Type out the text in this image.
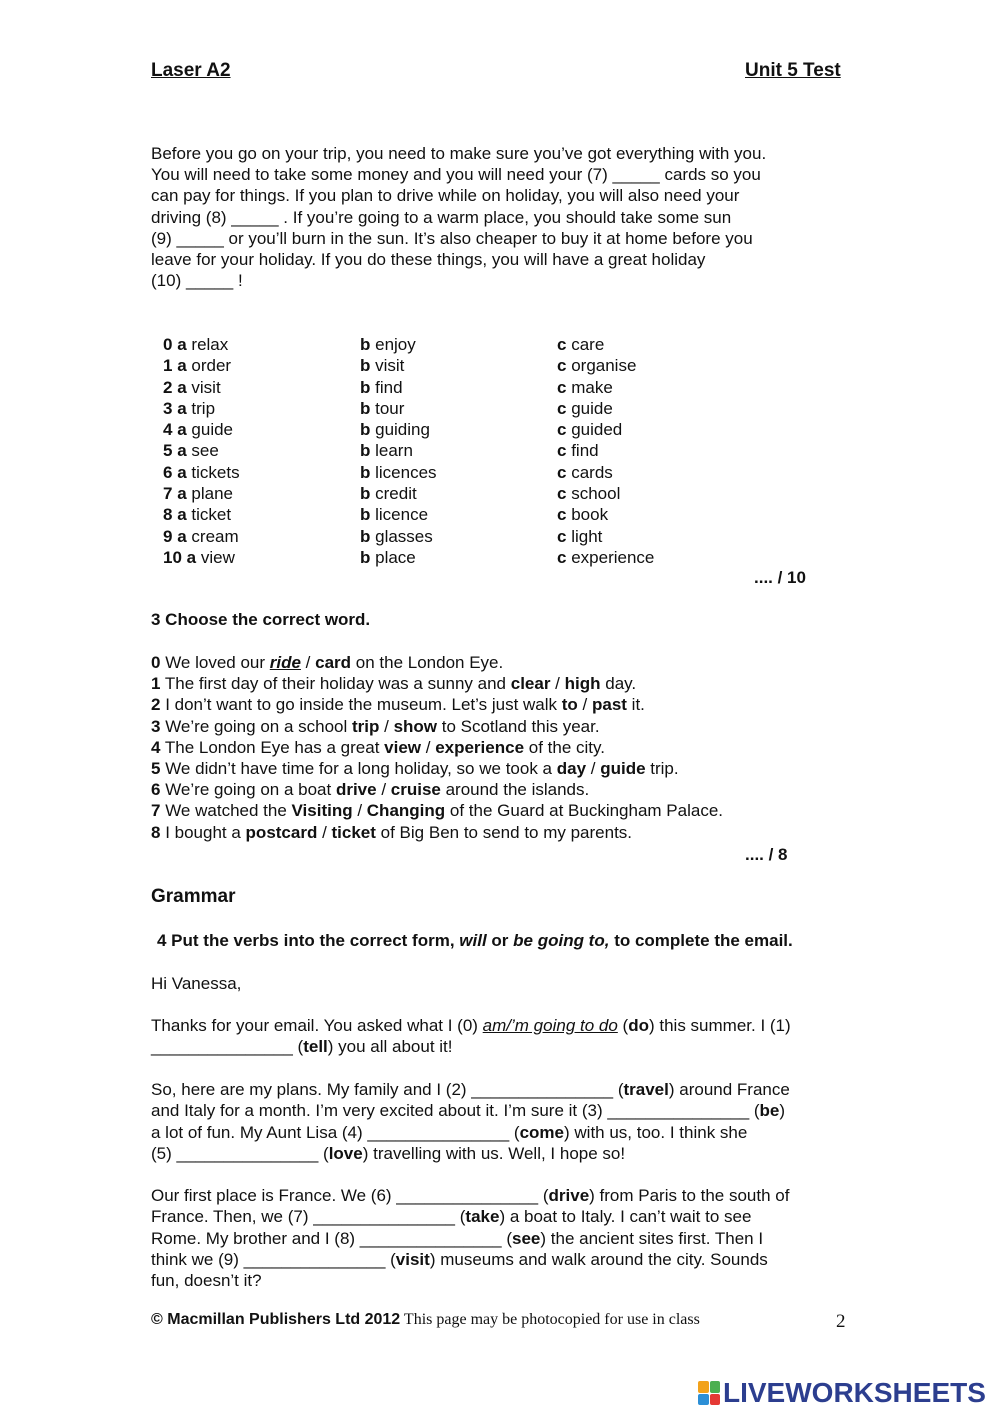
Laser A2	Unit 5 Test

Before you go on your trip, you need to make sure you’ve got everything with you.

You will need to take some money and you will need your (7) _____ cards so you

can pay for things. If you plan to drive while on holiday, you will also need your

driving (8) _____ . If you’re going to a warm place, you should take some sun

(9) _____ or you’ll burn in the sun. It’s also cheaper to buy it at home before you

leave for your holiday. If you do these things, you will have a great holiday

(10) _____ !

0 a relax	b enjoy	c care
1 a order	b visit	c organise
2 a visit	b find	c make
3 a trip	b tour	c guide
4 a guide	b guiding	c guided
5 a see	b learn	c find
6 a tickets	b licences	c cards
7 a plane	b credit	c school
8 a ticket	b licence	c book
9 a cream	b glasses	c light
10 a view	b place	c experience
.... / 10
3 Choose the correct word.
0 We loved our ride / card on the London Eye.
1 The first day of their holiday was a sunny and clear / high day.
2 I don’t want to go inside the museum. Let’s just walk to / past it.
3 We’re going on a school trip / show to Scotland this year.
4 The London Eye has a great view / experience of the city.
5 We didn’t have time for a long holiday, so we took a day / guide trip.
6 We’re going on a boat drive / cruise around the islands.
7 We watched the Visiting / Changing of the Guard at Buckingham Palace.
8 I bought a postcard / ticket of Big Ben to send to my parents.
.... / 8
Grammar
4 Put the verbs into the correct form, will or be going to, to complete the email.
Hi Vanessa,
Thanks for your email. You asked what I (0) am/’m going to do (do) this summer. I (1)
_______________ (tell) you all about it!
So, here are my plans. My family and I (2) _______________ (travel) around France
and Italy for a month. I’m very excited about it. I’m sure it (3) _______________ (be)
a lot of fun. My Aunt Lisa (4) _______________ (come) with us, too. I think she
(5) _______________ (love) travelling with us. Well, I hope so!
Our first place is France. We (6) _______________ (drive) from Paris to the south of
France. Then, we (7) _______________ (take) a boat to Italy. I can’t wait to see
Rome. My brother and I (8) _______________ (see) the ancient sites first. Then I
think we (9) _______________ (visit) museums and walk around the city. Sounds
fun, doesn’t it?
© Macmillan Publishers Ltd 2012 This page may be photocopied for use in class	2
LIVEWORKSHEETS
